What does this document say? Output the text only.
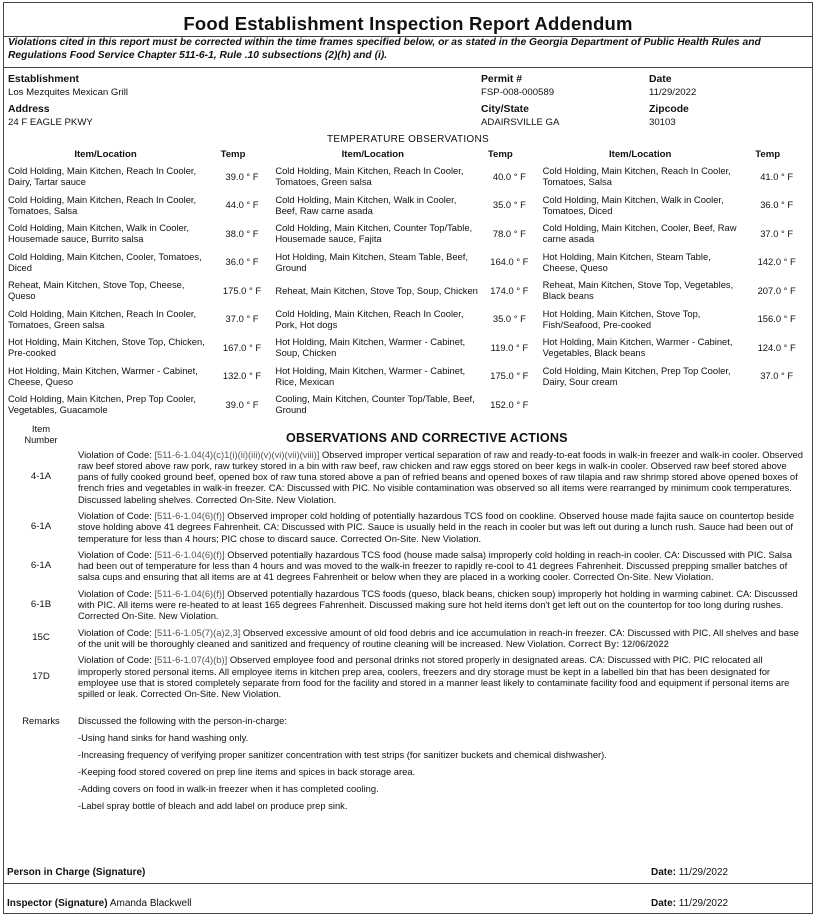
Food Establishment Inspection Report Addendum
Violations cited in this report must be corrected within the time frames specified below, or as stated in the Georgia Department of Public Health Rules and Regulations Food Service Chapter 511-6-1, Rule .10 subsections (2)(h) and (i).
Establishment
Los Mezquites Mexican Grill
Permit #
FSP-008-000589
Date
11/29/2022
Address
24 F EAGLE PKWY
City/State
ADAIRSVILLE GA
Zipcode
30103
TEMPERATURE OBSERVATIONS
Item/Location	Temp
Cold Holding, Main Kitchen, Reach In Cooler, Dairy, Tartar sauce
39.0 ° F
Cold Holding, Main Kitchen, Reach In Cooler, Tomatoes, Salsa
44.0 ° F
Cold Holding, Main Kitchen, Walk in Cooler, Housemade sauce, Burrito salsa
38.0 ° F
Cold Holding, Main Kitchen, Cooler, Tomatoes, Diced
36.0 ° F
Reheat, Main Kitchen, Stove Top, Cheese, Queso
175.0 ° F
Cold Holding, Main Kitchen, Reach In Cooler, Tomatoes, Green salsa
37.0 ° F
Hot Holding, Main Kitchen, Stove Top, Chicken, Pre-cooked
167.0 ° F
Hot Holding, Main Kitchen, Warmer - Cabinet, Cheese, Queso
132.0 ° F
Cold Holding, Main Kitchen, Prep Top Cooler, Vegetables, Guacamole
39.0 ° F
Item/Location	Temp
Cold Holding, Main Kitchen, Reach In Cooler, Tomatoes, Green salsa
40.0 ° F
Cold Holding, Main Kitchen, Walk in Cooler, Beef, Raw carne asada
35.0 ° F
Cold Holding, Main Kitchen, Counter Top/Table, Housemade sauce, Fajita
78.0 ° F
Hot Holding, Main Kitchen, Steam Table, Beef, Ground
164.0 ° F
Reheat, Main Kitchen, Stove Top, Soup, Chicken	174.0 ° F
Cold Holding, Main Kitchen, Reach In Cooler, Pork, Hot dogs
35.0 ° F
Hot Holding, Main Kitchen, Warmer - Cabinet, Soup, Chicken
119.0 ° F
Hot Holding, Main Kitchen, Warmer - Cabinet, Rice, Mexican
175.0 ° F
Cooling, Main Kitchen, Counter Top/Table, Beef, Ground
152.0 ° F
Item/Location	Temp
Cold Holding, Main Kitchen, Reach In Cooler, Tomatoes, Salsa
41.0 ° F
Cold Holding, Main Kitchen, Walk in Cooler, Tomatoes, Diced
36.0 ° F
Cold Holding, Main Kitchen, Cooler, Beef, Raw carne asada
37.0 ° F
Hot Holding, Main Kitchen, Steam Table, Cheese, Queso
142.0 ° F
Reheat, Main Kitchen, Stove Top, Vegetables, Black beans
207.0 ° F
Hot Holding, Main Kitchen, Stove Top, Fish/Seafood, Pre-cooked
156.0 ° F
Hot Holding, Main Kitchen, Warmer - Cabinet, Vegetables, Black beans
124.0 ° F
Cold Holding, Main Kitchen, Prep Top Cooler, Dairy, Sour cream
37.0 ° F
Item Number	OBSERVATIONS AND CORRECTIVE ACTIONS
4-1A
Violation of Code: [511-6-1.04(4)(c)1(i)(ii)(iii)(v)(vi)(vii)(viii)] Observed improper vertical separation of raw and ready-to-eat foods in walk-in freezer and walk-in cooler. Observed raw beef stored above raw pork, raw turkey stored in a bin with raw beef, raw chicken and raw eggs stored on beer kegs in walk-in cooler. Observed raw beef stored above pans of fully cooked ground beef, opened box of raw tuna stored above a pan of refried beans and opened boxes of raw tilapia and raw shrimp stored above opened boxes of french fries and vegetables in walk-in freezer. CA: Discussed with PIC. No visible contamination was observed so all items were rearranged by minimum cook temperatures. Discussed labeling shelves. Corrected On-Site. New Violation.
6-1A
Violation of Code: [511-6-1.04(6)(f)] Observed improper cold holding of potentially hazardous TCS food on cookline. Observed house made fajita sauce on countertop beside stove holding above 41 degrees Fahrenheit. CA: Discussed with PIC. Sauce is usually held in the reach in cooler but was left out during a lunch rush. Sauce had been out of temperature for less than 4 hours; PIC chose to discard sauce. Corrected On-Site. New Violation.
6-1A
Violation of Code: [511-6-1.04(6)(f)] Observed potentially hazardous TCS food (house made salsa) improperly cold holding in reach-in cooler. CA: Discussed with PIC. Salsa had been out of temperature for less than 4 hours and was moved to the walk-in freezer to rapidly re-cool to 41 degrees Fahrenheit. Discussed prepping smaller batches of salsa cups and ensuring that all items are at 41 degrees Fahrenheit or below when they are placed in a working cooler. Corrected On-Site. New Violation.
6-1B
Violation of Code: [511-6-1.04(6)(f)] Observed potentially hazardous TCS foods (queso, black beans, chicken soup) improperly hot holding in warming cabinet. CA: Discussed with PIC. All items were re-heated to at least 165 degrees Fahrenheit. Discussed making sure hot held items don't get left out on the countertop for too long during rushes. Corrected On-Site. New Violation.
15C
Violation of Code: [511-6-1.05(7)(a)2,3] Observed excessive amount of old food debris and ice accumulation in reach-in freezer. CA: Discussed with PIC. All shelves and base of the unit will be thoroughly cleaned and sanitized and frequency of routine cleaning will be increased. New Violation. Correct By: 12/06/2022
17D
Violation of Code: [511-6-1.07(4)(b)] Observed employee food and personal drinks not stored properly in designated areas. CA: Discussed with PIC. PIC relocated all improperly stored personal items. All employee items in kitchen prep area, coolers, freezers and dry storage must be kept in a labelled bin that has been designated for employee use that is stored completely separate from food for the facility and stored in a manner least likely to contaminate facility food and equipment if personal items are spilled or leak. Corrected On-Site. New Violation.
Remarks	Discussed the following with the person-in-charge:
-Using hand sinks for hand washing only.
-Increasing frequency of verifying proper sanitizer concentration with test strips (for sanitizer buckets and chemical dishwasher).
-Keeping food stored covered on prep line items and spices in back storage area.
-Adding covers on food in walk-in freezer when it has completed cooling.
-Label spray bottle of bleach and add label on produce prep sink.
Person in Charge (Signature)	Date: 11/29/2022
Inspector (Signature) Amanda Blackwell	Date: 11/29/2022
